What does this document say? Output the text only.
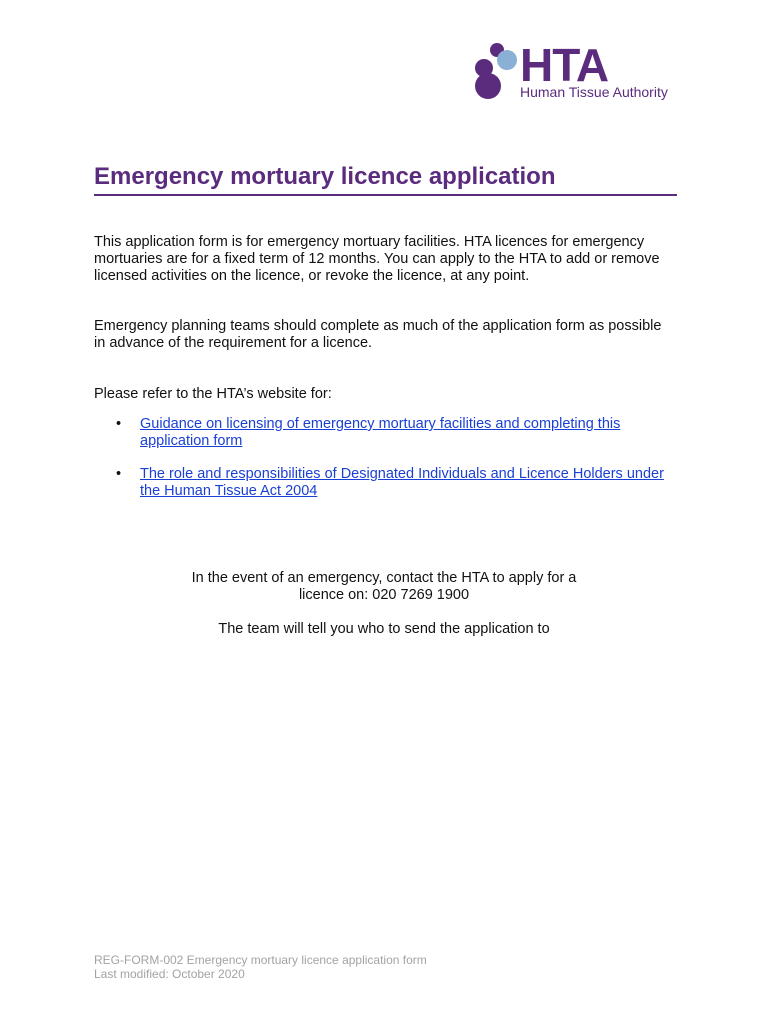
HTA
Human Tissue Authority
Emergency mortuary licence application

This application form is for emergency mortuary facilities. HTA licences for emergency mortuaries are for a fixed term of 12 months. You can apply to the HTA to add or remove licensed activities on the licence, or revoke the licence, at any point.

Emergency planning teams should complete as much of the application form as possible in advance of the requirement for a licence.

Please refer to the HTA’s website for:

• Guidance on licensing of emergency mortuary facilities and completing this application form
• The role and responsibilities of Designated Individuals and Licence Holders under the Human Tissue Act 2004

In the event of an emergency, contact the HTA to apply for a
licence on: 020 7269 1900

The team will tell you who to send the application to

REG-FORM-002 Emergency mortuary licence application form
Last modified: October 2020
